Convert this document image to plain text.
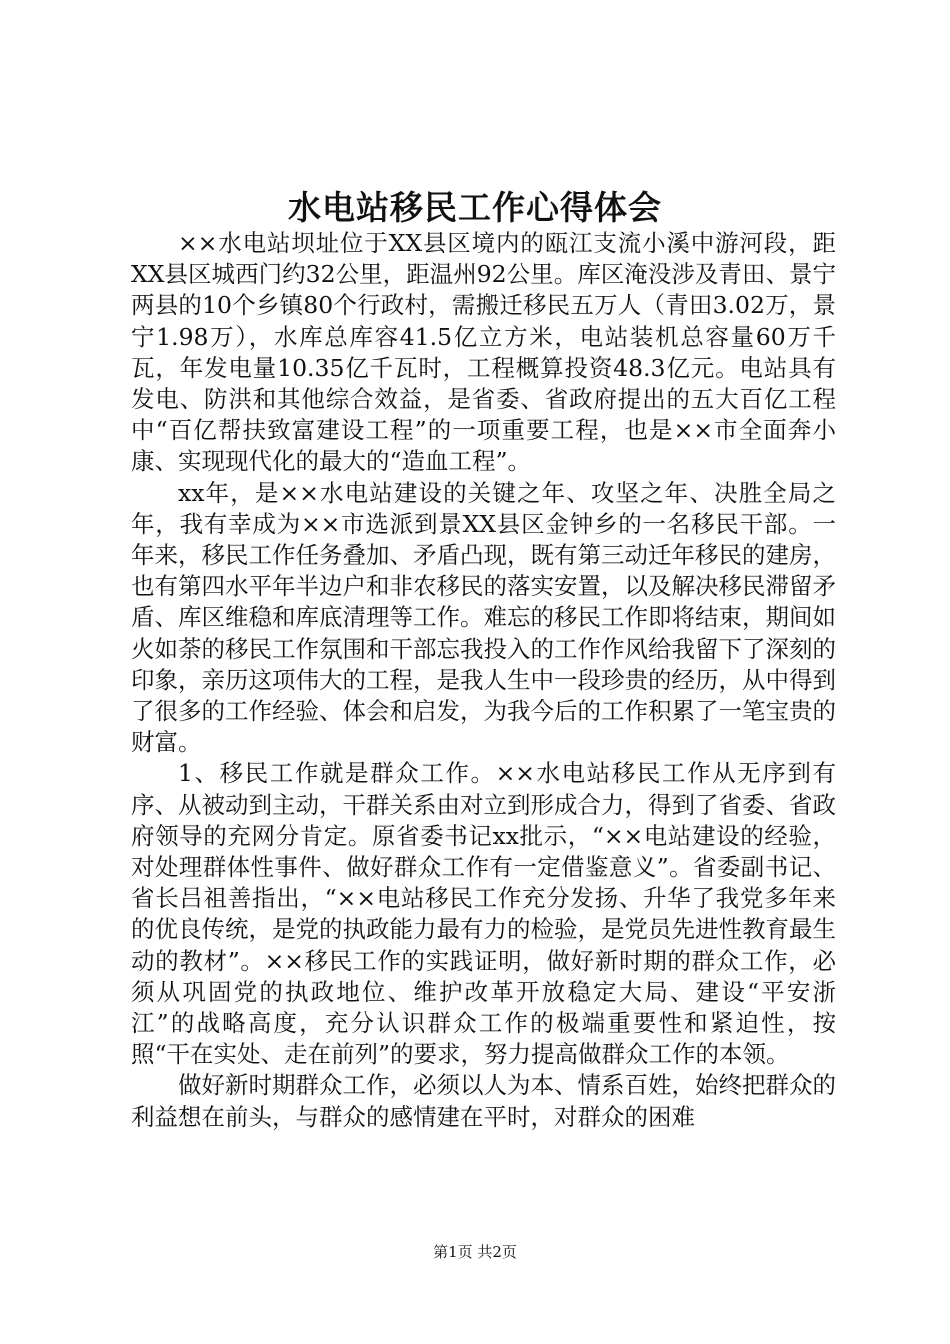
水电站移民工作心得体会

××水电站坝址位于XX县区境内的瓯江支流小溪中游河段，距XX县区城西门约32公里，距温州92公里。库区淹没涉及青田、景宁两县的10个乡镇80个行政村，需搬迁移民五万人（青田3.02万，景宁1.98万），水库总库容41.5亿立方米，电站装机总容量60万千瓦，年发电量10.35亿千瓦时，工程概算投资48.3亿元。电站具有发电、防洪和其他综合效益，是省委、省政府提出的五大百亿工程中“百亿帮扶致富建设工程”的一项重要工程，也是××市全面奔小康、实现现代化的最大的“造血工程”。

xx年，是××水电站建设的关键之年、攻坚之年、决胜全局之年，我有幸成为××市选派到景XX县区金钟乡的一名移民干部。一年来，移民工作任务叠加、矛盾凸现，既有第三动迁年移民的建房，也有第四水平年半边户和非农移民的落实安置，以及解决移民滞留矛盾、库区维稳和库底清理等工作。难忘的移民工作即将结束，期间如火如荼的移民工作氛围和干部忘我投入的工作作风给我留下了深刻的印象，亲历这项伟大的工程，是我人生中一段珍贵的经历，从中得到了很多的工作经验、体会和启发，为我今后的工作积累了一笔宝贵的财富。

1、移民工作就是群众工作。××水电站移民工作从无序到有序、从被动到主动，干群关系由对立到形成合力，得到了省委、省政府领导的充网分肯定。原省委书记xx批示，“××电站建设的经验，对处理群体性事件、做好群众工作有一定借鉴意义”。省委副书记、省长吕祖善指出，“××电站移民工作充分发扬、升华了我党多年来的优良传统，是党的执政能力最有力的检验，是党员先进性教育最生动的教材”。××移民工作的实践证明，做好新时期的群众工作，必须从巩固党的执政地位、维护改革开放稳定大局、建设“平安浙江”的战略高度，充分认识群众工作的极端重要性和紧迫性，按照“干在实处、走在前列”的要求，努力提高做群众工作的本领。

做好新时期群众工作，必须以人为本、情系百姓，始终把群众的利益想在前头，与群众的感情建在平时，对群众的困难

第1页 共2页
